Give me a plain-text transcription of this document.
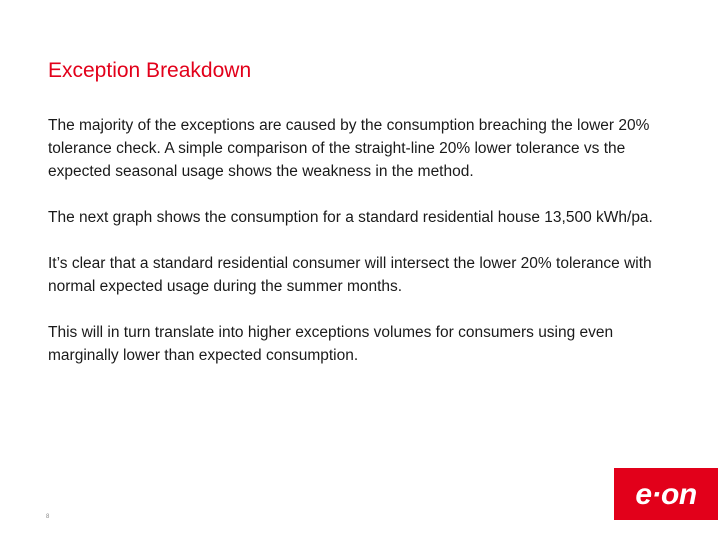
Exception Breakdown

The majority of the exceptions are caused by the consumption breaching the lower 20% tolerance check. A simple comparison of the straight-line 20% lower tolerance vs the expected seasonal usage shows the weakness in the method.

The next graph shows the consumption for a standard residential house 13,500 kWh/pa.

It’s clear that a standard residential consumer will intersect the lower 20% tolerance with normal expected usage during the summer months.

This will in turn translate into higher exceptions volumes for consumers using even marginally lower than expected consumption.

8
e·on
